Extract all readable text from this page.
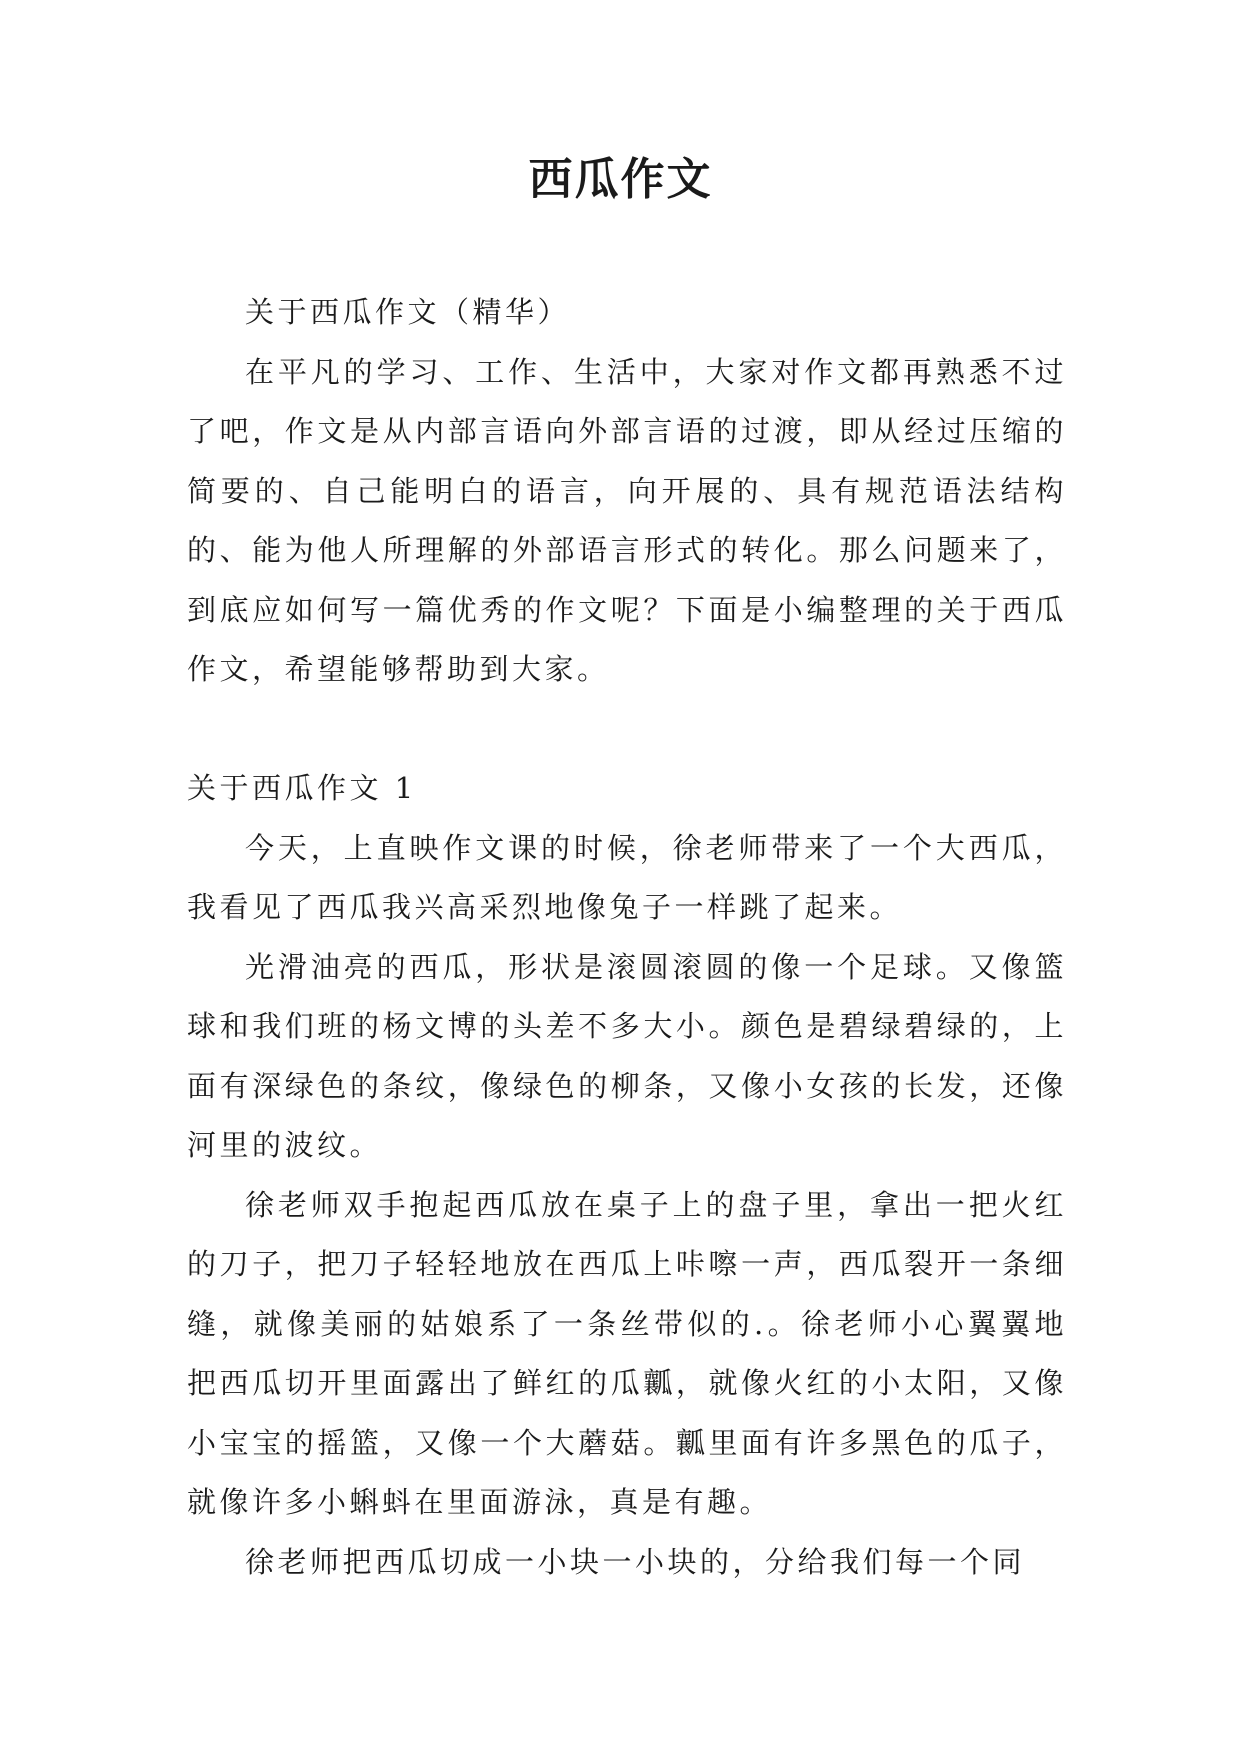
西瓜作文

关于西瓜作文（精华）

在平凡的学习、工作、生活中，大家对作文都再熟悉不过了吧，作文是从内部言语向外部言语的过渡，即从经过压缩的简要的、自己能明白的语言，向开展的、具有规范语法结构的、能为他人所理解的外部语言形式的转化。那么问题来了，到底应如何写一篇优秀的作文呢？下面是小编整理的关于西瓜作文，希望能够帮助到大家。

关于西瓜作文 1

今天，上直映作文课的时候，徐老师带来了一个大西瓜，我看见了西瓜我兴高采烈地像兔子一样跳了起来。

光滑油亮的西瓜，形状是滚圆滚圆的像一个足球。又像篮球和我们班的杨文博的头差不多大小。颜色是碧绿碧绿的，上面有深绿色的条纹，像绿色的柳条，又像小女孩的长发，还像河里的波纹。

徐老师双手抱起西瓜放在桌子上的盘子里，拿出一把火红的刀子，把刀子轻轻地放在西瓜上咔嚓一声，西瓜裂开一条细缝，就像美丽的姑娘系了一条丝带似的.。徐老师小心翼翼地把西瓜切开里面露出了鲜红的瓜瓤，就像火红的小太阳，又像小宝宝的摇篮，又像一个大蘑菇。瓤里面有许多黑色的瓜子，就像许多小蝌蚪在里面游泳，真是有趣。

徐老师把西瓜切成一小块一小块的，分给我们每一个同
